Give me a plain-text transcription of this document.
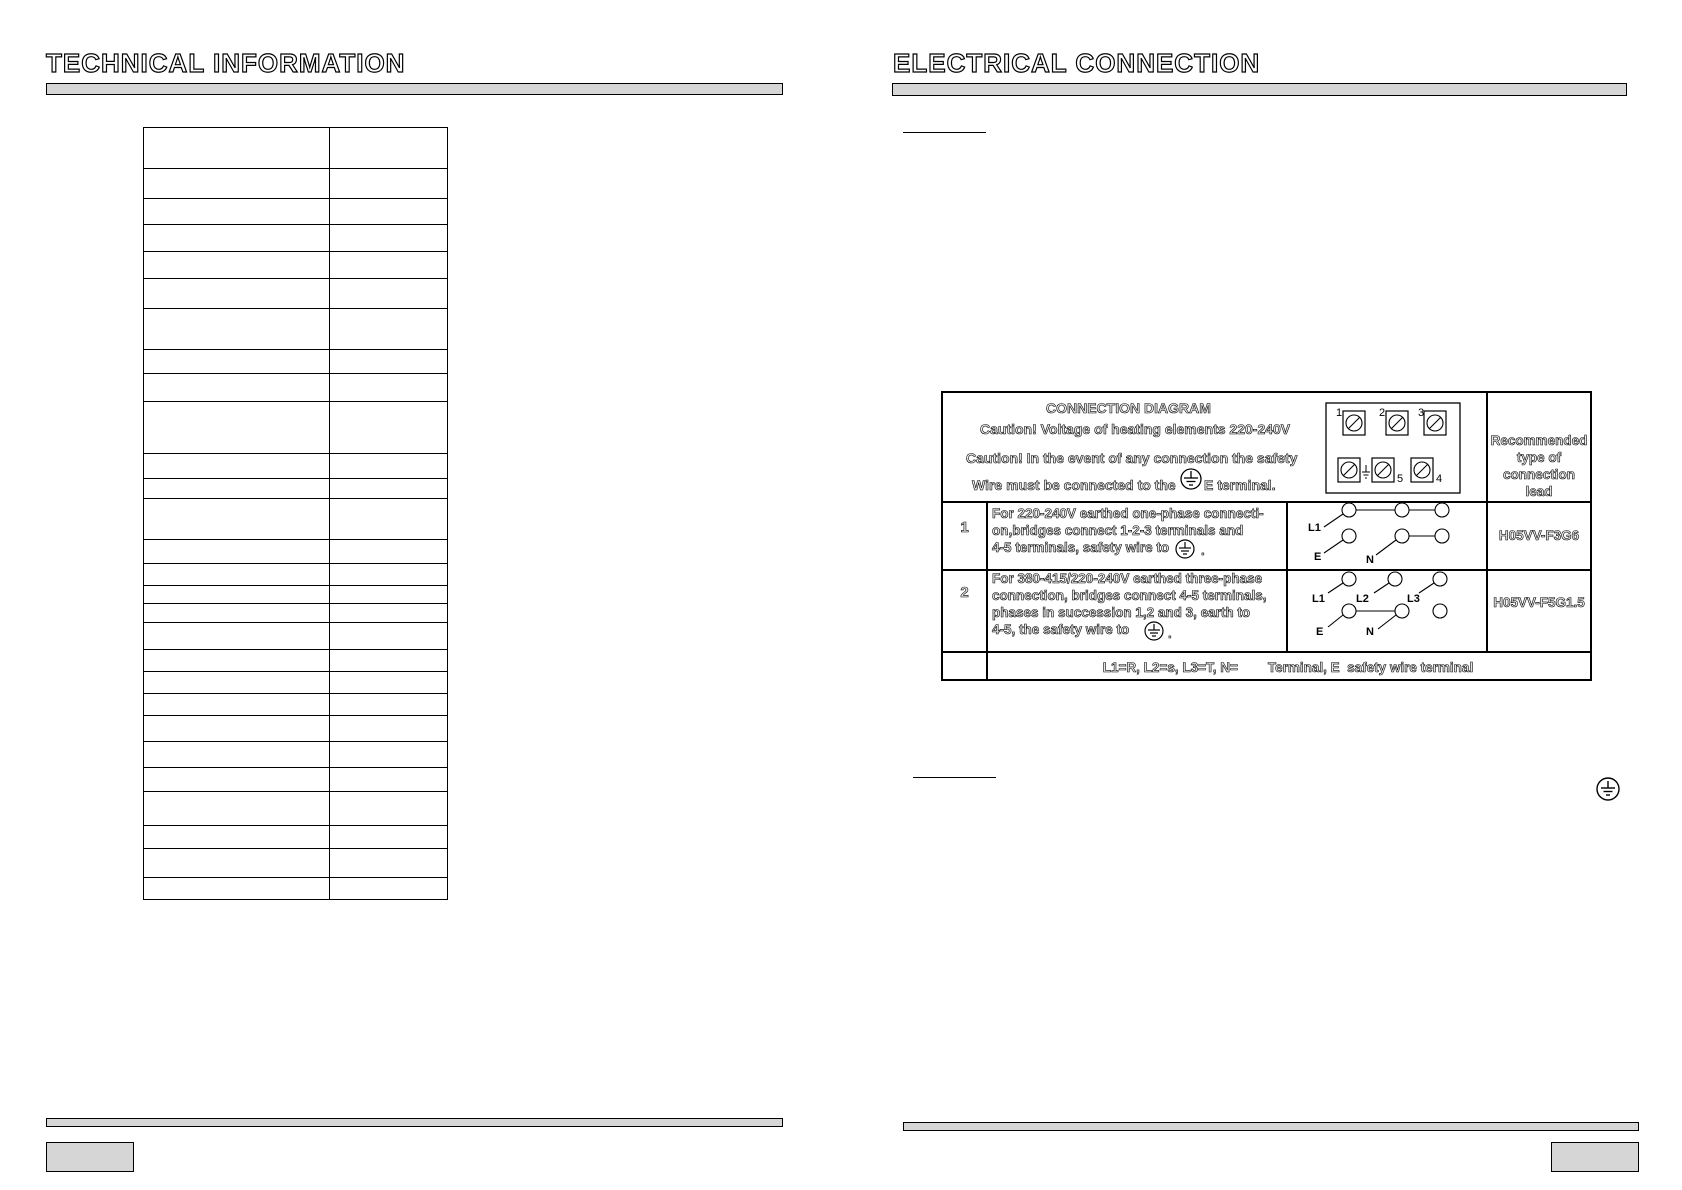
TECHNICAL INFORMATION

		ELECTRICAL CONNECTION
CONNECTION DIAGRAM
Caution! Voltage of heating elements 220-240V
Caution! In the event of any connection the safety
Wire must be connected to the E terminal.
1	2	3
5	4
Recommended
type of
connection
lead
1
For 220-240V earthed one-phase connecti-
on,bridges connect 1-2-3 terminals and
4-5 terminals, safety wire to .
L1
E	N
H05VV-F3G6
2
For 380-415/220-240V earthed three-phase
connection, bridges connect 4-5 terminals,
phases in succession 1,2 and 3, earth to
4-5, the safety wire to	.
L1	L2	L3
E	N
H05VV-F5G1.5
L1=R, L2=s, L3=T, N=        Terminal, E  safety wire terminal
